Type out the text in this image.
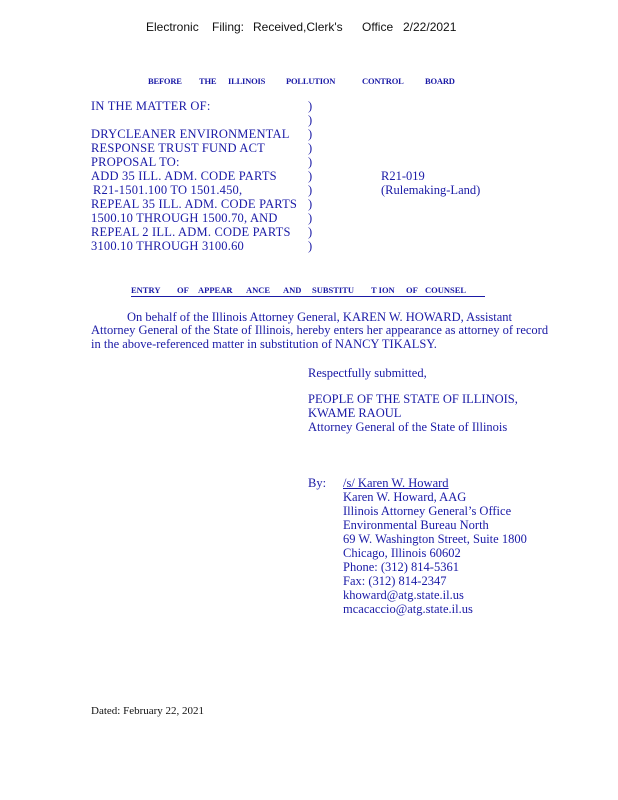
Electronic Filing: Received,Clerk's Office 2/22/2021
BEFORE THE ILLINOIS POLLUTION	CONTROL	BOARD
IN THE MATTER OF:
DRYCLEANER ENVIRONMENTAL
RESPONSE TRUST FUND ACT
PROPOSAL TO:
ADD 35 ILL. ADM. CODE PARTS
R21-1501.100 TO 1501.450,
REPEAL 35 ILL. ADM. CODE PARTS
1500.10 THROUGH 1500.70, AND
REPEAL 2 ILL. ADM. CODE PARTS
3100.10 THROUGH 3100.60
)
)
)
)
)
)
)
)
)
)
)
R21-019
(Rulemaking-Land)
ENTRY OF APPEAR ANCE AND SUBSTITU T ION OF COUNSEL
On behalf of the Illinois Attorney General, KAREN W. HOWARD, Assistant
Attorney General of the State of Illinois, hereby enters her appearance as attorney of record
in the above-referenced matter in substitution of NANCY TIKALSY.
Respectfully submitted,
PEOPLE OF THE STATE OF ILLINOIS,
KWAME RAOUL
Attorney General of the State of Illinois
By: /s/ Karen W. Howard
Karen W. Howard, AAG
Illinois Attorney General’s Office
Environmental Bureau North
69 W. Washington Street, Suite 1800
Chicago, Illinois 60602
Phone: (312) 814-5361
Fax: (312) 814-2347
khoward@atg.state.il.us
mcacaccio@atg.state.il.us
Dated: February 22, 2021
